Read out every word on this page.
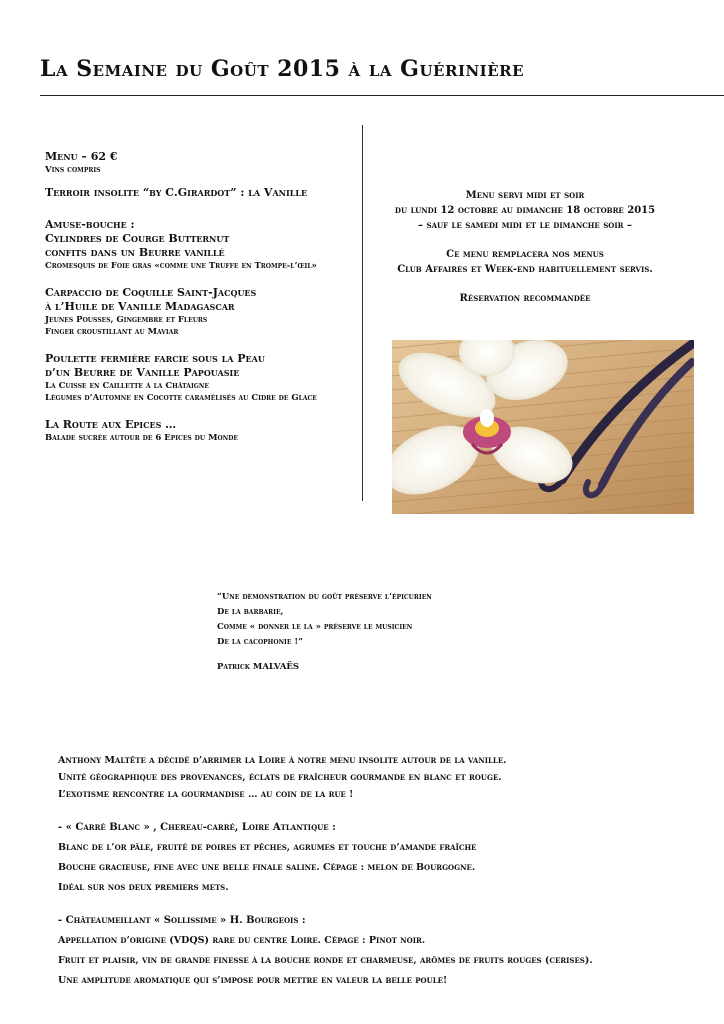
La Semaine du Goût 2015 à la Guérinière
Menu – 62 €
Vins compris
Terroir insolite “by C.Girardot” : la Vanille
Amuse-bouche :
Cylindres de Courge Butternut
confits dans un Beurre vanillé
Cromesquis de Foie gras «comme une Truffe en Trompe-l’œil»
Carpaccio de Coquille Saint-Jacques
à l’Huile de Vanille Madagascar
Jeunes Pousses, Gingembre et Fleurs
Finger croustillant au Maviar
Poulette fermière farcie sous la Peau
d’un Beurre de Vanille Papouasie
La Cuisse en Caillette à la Châtaigne
Légumes d’Automne en Cocotte caramélisés au Cidre de Glace
La Route aux Epices …
Balade sucrée autour de 6 Epices du Monde
Menu servi midi et soir
du lundi 12 octobre au dimanche 18 octobre 2015
– sauf le samedi midi et le dimanche soir –
Ce menu remplacera nos menus
Club Affaires et Week-end habituellement servis.
Réservation recommandée
“Une démonstration du goût préserve l’épicurien
De la barbarie,
Comme « donner le la » préserve le musicien
De la cacophonie !”
Patrick MALVAËS
Anthony Maltête a décidé d’arrimer la Loire à notre menu insolite autour de la vanille.
Unité géographique des provenances, éclats de fraîcheur gourmande en blanc et rouge.
L’exotisme rencontre la gourmandise … au coin de la rue !
- « Carré Blanc » , Chereau-carré, Loire Atlantique :
Blanc de l’or pâle, fruité de poires et pêches, agrumes et touche d’amande fraîche
Bouche gracieuse, fine avec une belle finale saline. Cépage : melon de Bourgogne.
Idéal sur nos deux premiers mets.
- Châteaumeillant « Sollissime » H. Bourgeois :
Appellation d’origine (VDQS) rare du centre Loire. Cépage : Pinot noir.
Fruit et plaisir, vin de grande finesse à la bouche ronde et charmeuse, arômes de fruits rouges (cerises).
Une amplitude aromatique qui s’impose pour mettre en valeur la belle poule!
